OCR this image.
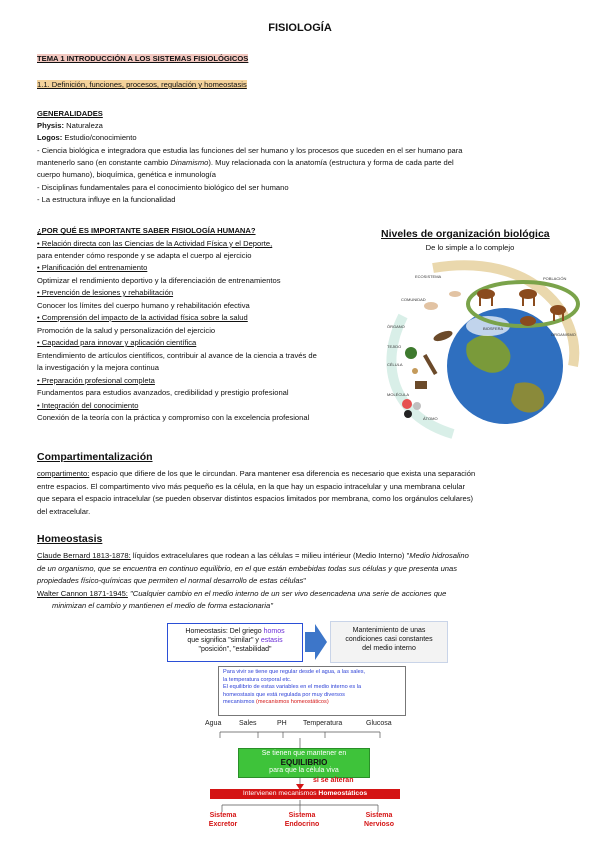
FISIOLOGÍA
TEMA 1 INTRODUCCIÓN A LOS SISTEMAS FISIOLÓGICOS
1.1. Definición, funciones, procesos, regulación y homeostasis
GENERALIDADES
Physis: Naturaleza
Logos: Estudio/conocimiento
- Ciencia biológica e integradora que estudia las funciones del ser humano y los procesos que suceden en el ser humano para
mantenerlo sano (en constante cambio Dinamismo). Muy relacionada con la anatomía (estructura y forma de cada parte del
cuerpo humano), bioquímica, genética e inmunología
- Disciplinas fundamentales para el conocimiento biológico del ser humano
- La estructura influye en la funcionalidad
¿POR QUÉ ES IMPORTANTE SABER FISIOLOGÍA HUMANA?
• Relación directa con las Ciencias de la Actividad Física y el Deporte,
para entender cómo responde y se adapta el cuerpo al ejercicio
• Planificación del entrenamiento
Optimizar el rendimiento deportivo y la diferenciación de entrenamientos
• Prevención de lesiones y rehabilitación
Conocer los límites del cuerpo humano y rehabilitación efectiva
• Comprensión del impacto de la actividad física sobre la salud
Promoción de la salud y personalización del ejercicio
• Capacidad para innovar y aplicación científica
Entendimiento de artículos científicos, contribuir al avance de la ciencia a través de
la investigación y la mejora continua
• Preparación profesional completa
Fundamentos para estudios avanzados, credibilidad y prestigio profesional
• Integración del conocimiento
Conexión de la teoría con la práctica y compromiso con la excelencia profesional
Niveles de organización biológica
De lo simple a lo complejo
ECOSISTEMA
COMUNIDAD
POBLACIÓN
ORGANISMO
BIOSFERA
ÓRGANO
TEJIDO
CÉLULA
MOLÉCULA
ÁTOMO
Compartimentalización
compartimento: espacio que difiere de los que le circundan. Para mantener esa diferencia es necesario que exista una separación
entre espacios. El compartimento vivo más pequeño es la célula, en la que hay un espacio intracelular y una membrana celular
que separa el espacio intracelular (se pueden observar distintos espacios limitados por membrana, como los orgánulos celulares)
del extracelular.
Homeostasis
Claude Bernard 1813-1878: líquidos extracelulares que rodean a las células = milieu intérieur (Medio Interno) "Medio hidrosalino
de un organismo, que se encuentra en continuo equilibrio, en el que están embebidas todas sus células y que presenta unas
propiedades físico-químicas que permiten el normal desarrollo de estas células"
Walter Cannon 1871-1945: "Cualquier cambio en el medio interno de un ser vivo desencadena una serie de acciones que
minimizan el cambio y mantienen el medio de forma estacionaria"
Homeostasis: Del griego homos
que significa "similar" y estasis
"posición", "estabilidad"
Mantenimiento de unas
condiciones casi constantes
del medio interno
Para vivir se tiene que regular desde el agua, a las sales,
la temperatura corporal etc.
El equilibrio de estas variables en el medio interno es la
homeostasis que está regulada por muy diversos
mecanismos (mecanismos homeostáticos)
Agua	Sales	PH Temperatura	Glucosa
Se tienen que mantener en
EQUILIBRIO
para que la célula viva
si se alteran
Intervienen mecanismos Homeostáticos
Sistema
Excretor
Sistema
Endocrino
Sistema
Nervioso
